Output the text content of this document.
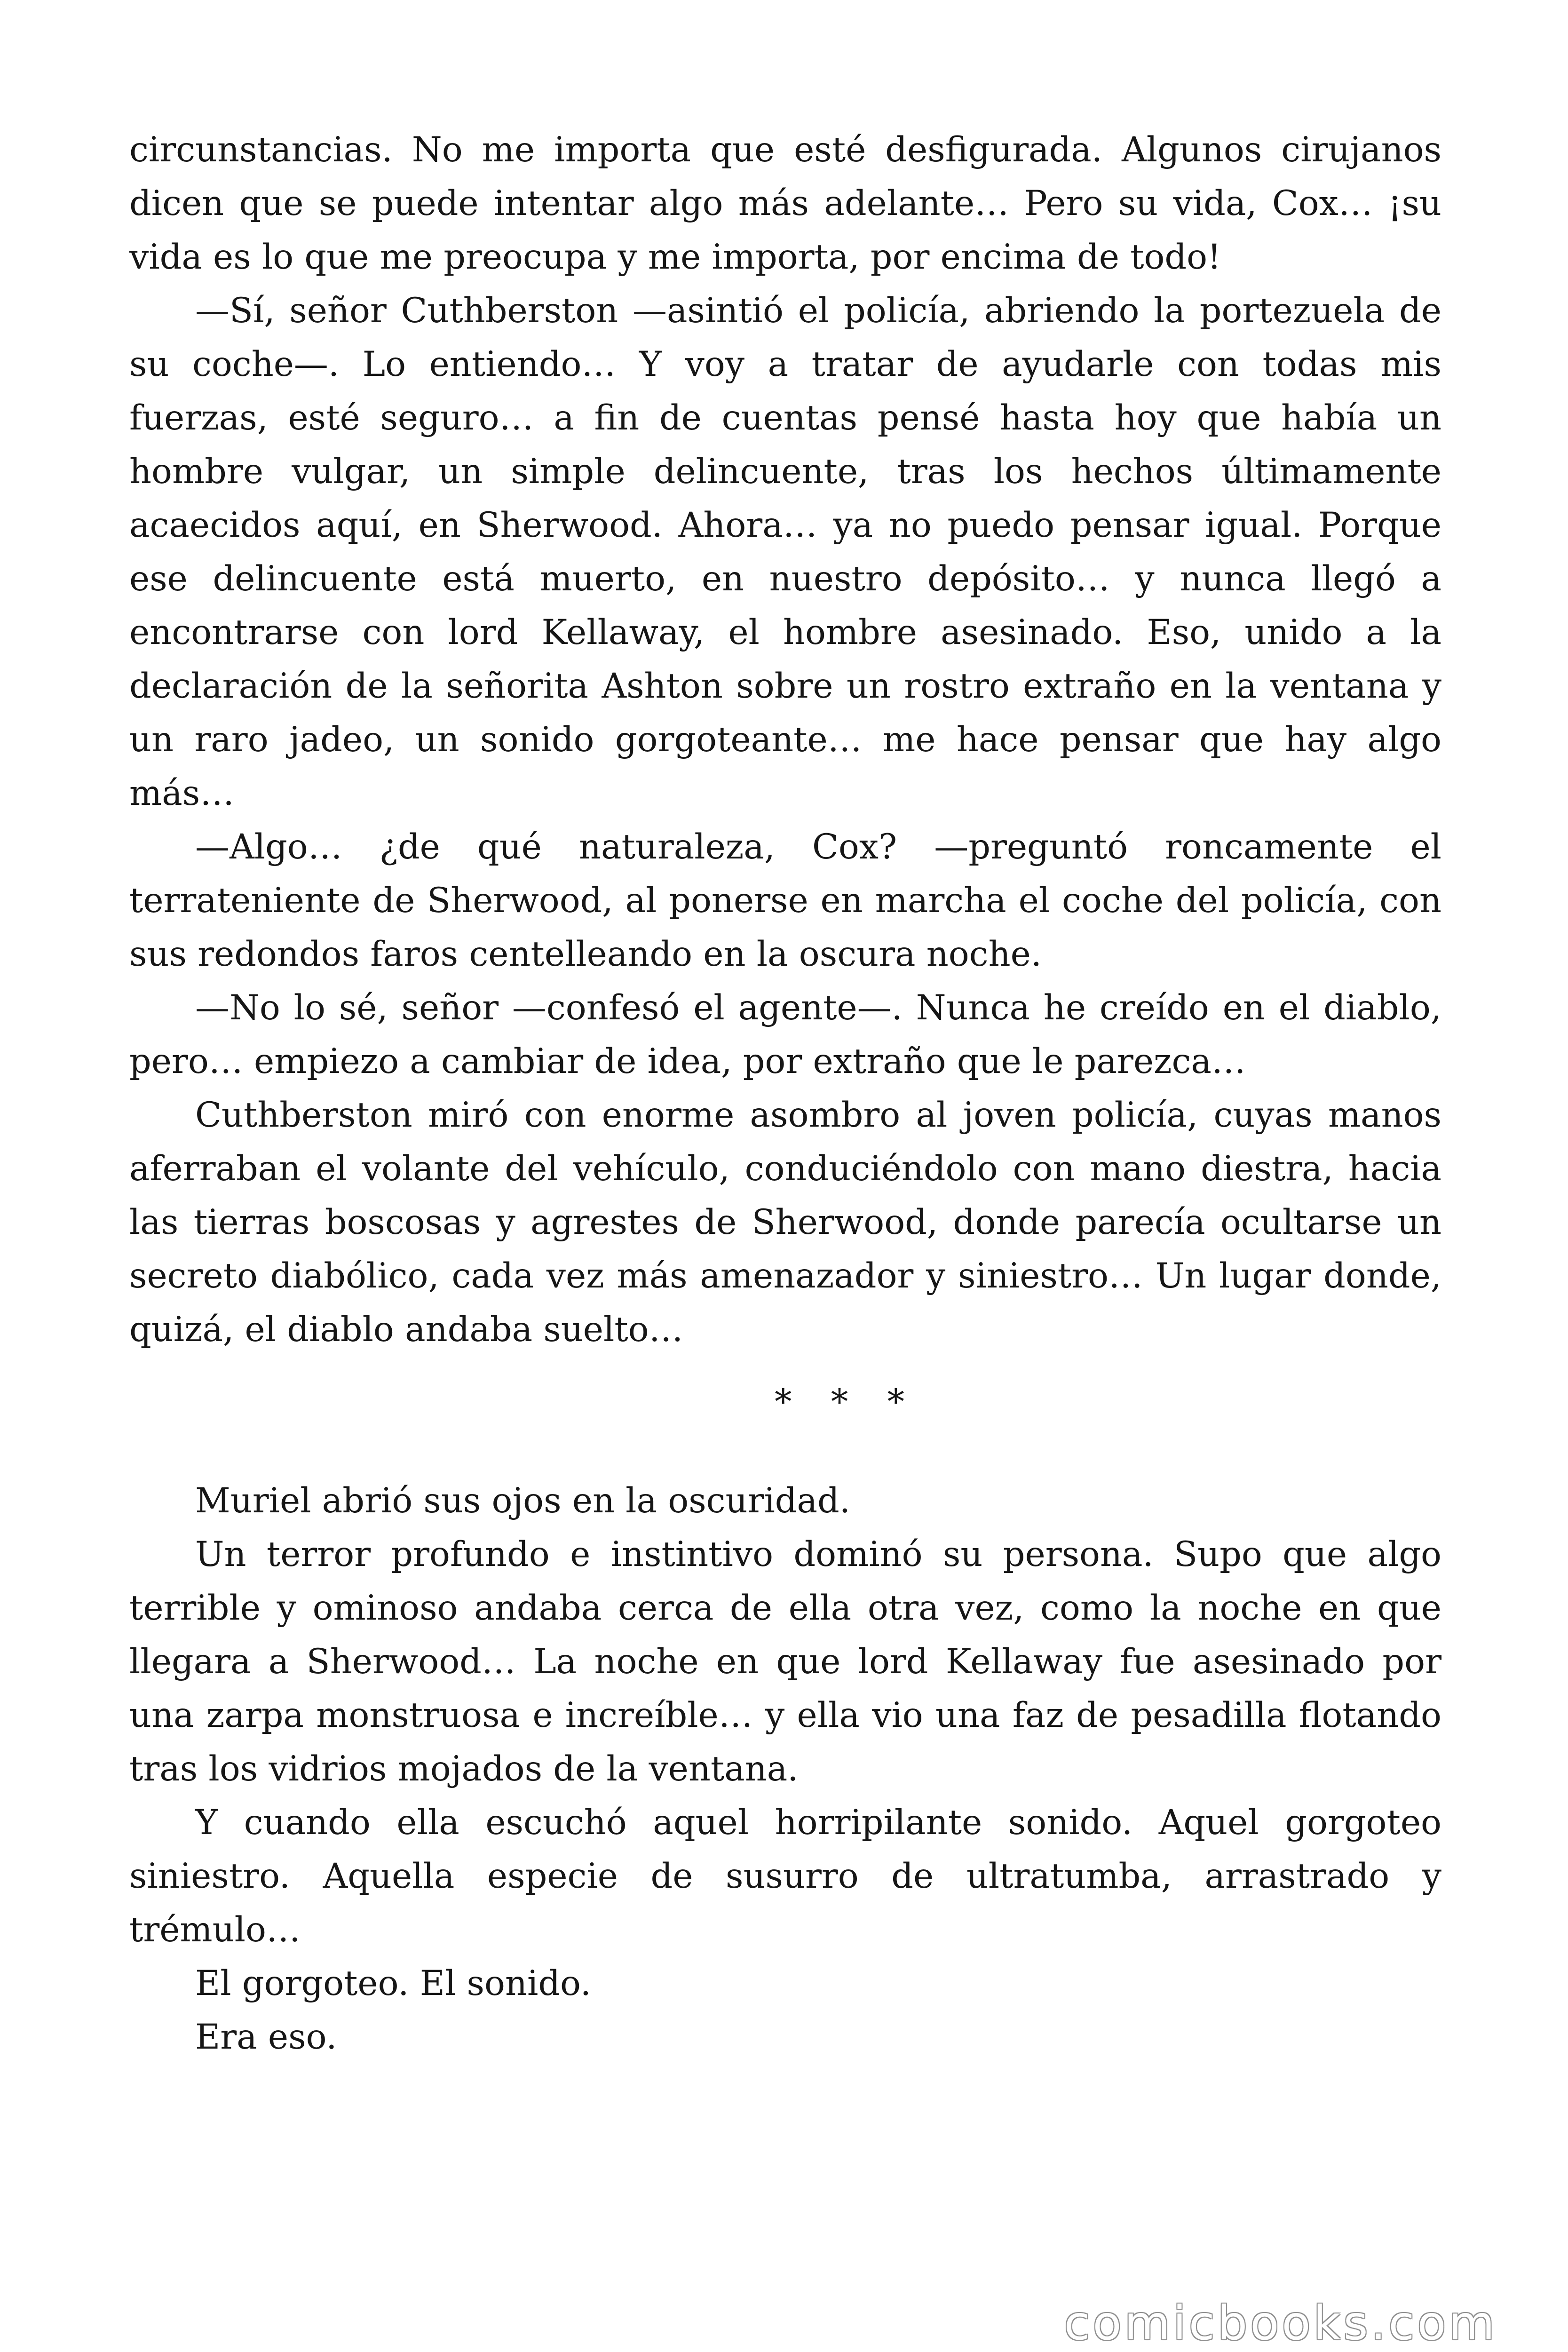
circunstancias. No me importa que esté desfigurada. Algunos cirujanos dicen que se puede intentar algo más adelante… Pero su vida, Cox… ¡su vida es lo que me preocupa y me importa, por encima de todo!

—Sí, señor Cuthberston —asintió el policía, abriendo la portezuela de su coche—. Lo entiendo… Y voy a tratar de ayudarle con todas mis fuerzas, esté seguro… a fin de cuentas pensé hasta hoy que había un hombre vulgar, un simple delincuente, tras los hechos últimamente acaecidos aquí, en Sherwood. Ahora… ya no puedo pensar igual. Porque ese delincuente está muerto, en nuestro depósito… y nunca llegó a encontrarse con lord Kellaway, el hombre asesinado. Eso, unido a la declaración de la señorita Ashton sobre un rostro extraño en la ventana y un raro jadeo, un sonido gorgoteante… me hace pensar que hay algo más…

—Algo… ¿de qué naturaleza, Cox? —preguntó roncamente el terrateniente de Sherwood, al ponerse en marcha el coche del policía, con sus redondos faros centelleando en la oscura noche.

—No lo sé, señor —confesó el agente—. Nunca he creído en el diablo, pero… empiezo a cambiar de idea, por extraño que le parezca…

Cuthberston miró con enorme asombro al joven policía, cuyas manos aferraban el volante del vehículo, conduciéndolo con mano diestra, hacia las tierras boscosas y agrestes de Sherwood, donde parecía ocultarse un secreto diabólico, cada vez más amenazador y siniestro… Un lugar donde, quizá, el diablo andaba suelto…

* * *

Muriel abrió sus ojos en la oscuridad.

Un terror profundo e instintivo dominó su persona. Supo que algo terrible y ominoso andaba cerca de ella otra vez, como la noche en que llegara a Sherwood… La noche en que lord Kellaway fue asesinado por una zarpa monstruosa e increíble… y ella vio una faz de pesadilla flotando tras los vidrios mojados de la ventana.

Y cuando ella escuchó aquel horripilante sonido. Aquel gorgoteo siniestro. Aquella especie de susurro de ultratumba, arrastrado y trémulo…

El gorgoteo. El sonido.

Era eso.

comicbooks.com
